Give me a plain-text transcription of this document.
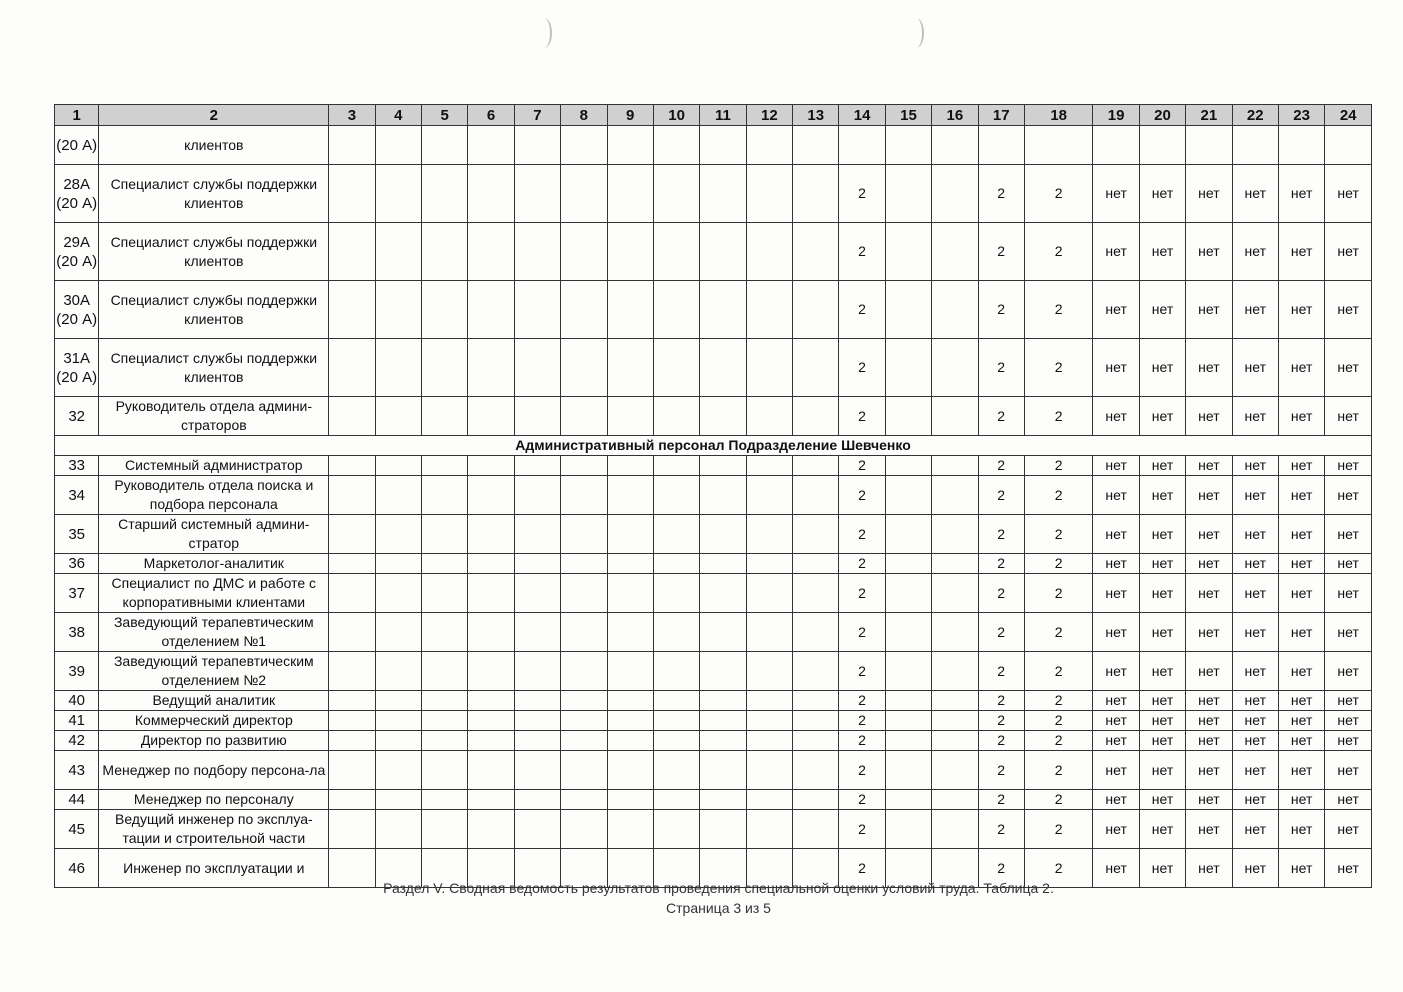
1	2	3	4	5	6	7	8	9	10	11	12	13	14	15	16	17	18	19	20	21	22	23	24
(20 А)	клиентов																						
28А (20 А)	Специалист службы поддержки клиентов												2			2	2	нет	нет	нет	нет	нет	нет
29А (20 А)	Специалист службы поддержки клиентов												2			2	2	нет	нет	нет	нет	нет	нет
30А (20 А)	Специалист службы поддержки клиентов												2			2	2	нет	нет	нет	нет	нет	нет
31А (20 А)	Специалист службы поддержки клиентов												2			2	2	нет	нет	нет	нет	нет	нет
32	Руководитель отдела админи-страторов												2			2	2	нет	нет	нет	нет	нет	нет
Административный персонал Подразделение Шевченко																							
33	Системный администратор												2			2	2	нет	нет	нет	нет	нет	нет
34	Руководитель отдела поиска и подбора персонала												2			2	2	нет	нет	нет	нет	нет	нет
35	Старший системный админи-стратор												2			2	2	нет	нет	нет	нет	нет	нет
36	Маркетолог-аналитик												2			2	2	нет	нет	нет	нет	нет	нет
37	Специалист по ДМС и работе с корпоративными клиентами												2			2	2	нет	нет	нет	нет	нет	нет
38	Заведующий терапевтическим отделением №1												2			2	2	нет	нет	нет	нет	нет	нет
39	Заведующий терапевтическим отделением №2												2			2	2	нет	нет	нет	нет	нет	нет
40	Ведущий аналитик												2			2	2	нет	нет	нет	нет	нет	нет
41	Коммерческий директор												2			2	2	нет	нет	нет	нет	нет	нет
42	Директор по развитию												2			2	2	нет	нет	нет	нет	нет	нет
43	Менеджер по подбору персона-ла												2			2	2	нет	нет	нет	нет	нет	нет
44	Менеджер по персоналу												2			2	2	нет	нет	нет	нет	нет	нет
45	Ведущий инженер по эксплуа-тации и строительной части												2			2	2	нет	нет	нет	нет	нет	нет
46	Инженер по эксплуатации и												2			2	2	нет	нет	нет	нет	нет	нет
Раздел V. Сводная ведомость результатов проведения специальной оценки условий труда. Таблица 2.
Страница 3 из 5
